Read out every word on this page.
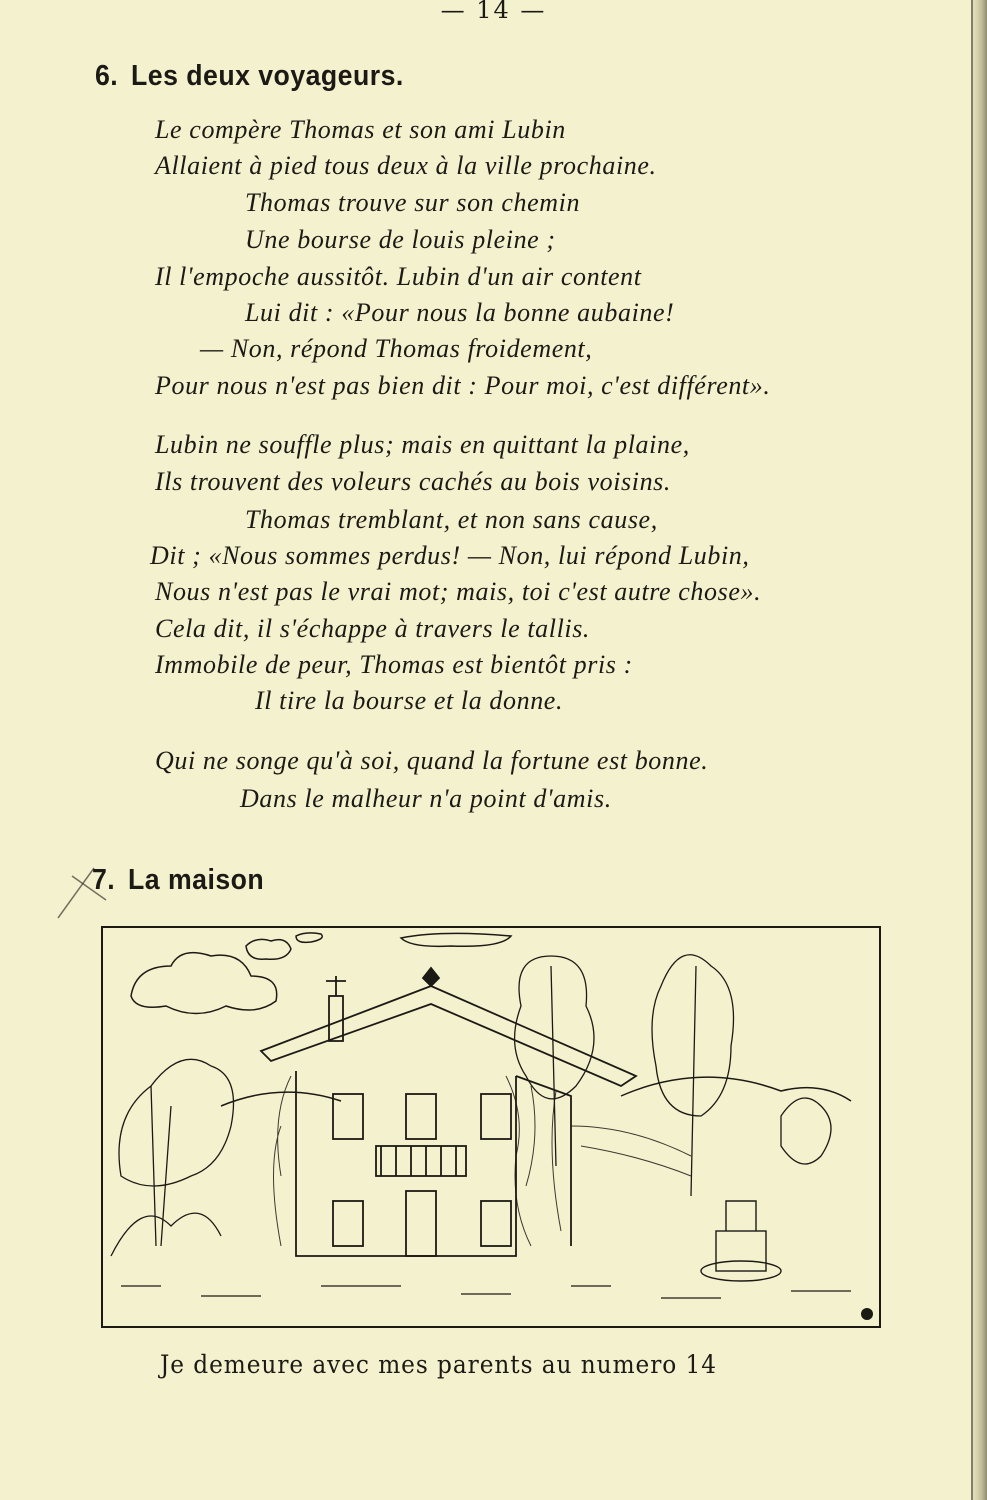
— 14 —
6. Les deux voyageurs.
Le compère Thomas et son ami Lubin
Allaient à pied tous deux à la ville prochaine.
Thomas trouve sur son chemin
Une bourse de louis pleine ;
Il l'empoche aussitôt. Lubin d'un air content
Lui dit : «Pour nous la bonne aubaine!
— Non, répond Thomas froidement,
Pour nous n'est pas bien dit : Pour moi, c'est différent».
Lubin ne souffle plus; mais en quittant la plaine,
Ils trouvent des voleurs cachés au bois voisins.
Thomas tremblant, et non sans cause,
Dit ; «Nous sommes perdus! — Non, lui répond Lubin,
Nous n'est pas le vrai mot; mais, toi c'est autre chose».
Cela dit, il s'échappe à travers le tallis.
Immobile de peur, Thomas est bientôt pris :
Il tire la bourse et la donne.
Qui ne songe qu'à soi, quand la fortune est bonne.
Dans le malheur n'a point d'amis.
7. La maison
Je demeure avec mes parents au numero 14
